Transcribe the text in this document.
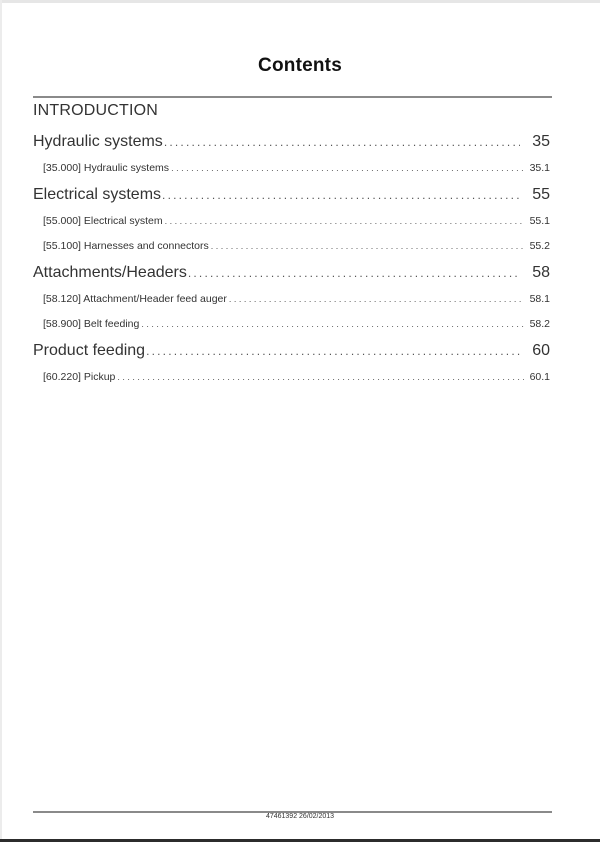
Contents
INTRODUCTION
Hydraulic systems .....	35
[35.000] Hydraulic systems .....	35.1
Electrical systems .....	55
[55.000] Electrical system .....	55.1
[55.100] Harnesses and connectors .....	55.2
Attachments/Headers .....	58
[58.120] Attachment/Header feed auger .....	58.1
[58.900] Belt feeding .....	58.2
Product feeding .....	60
[60.220] Pickup .....	60.1
47461392 26/02/2013
